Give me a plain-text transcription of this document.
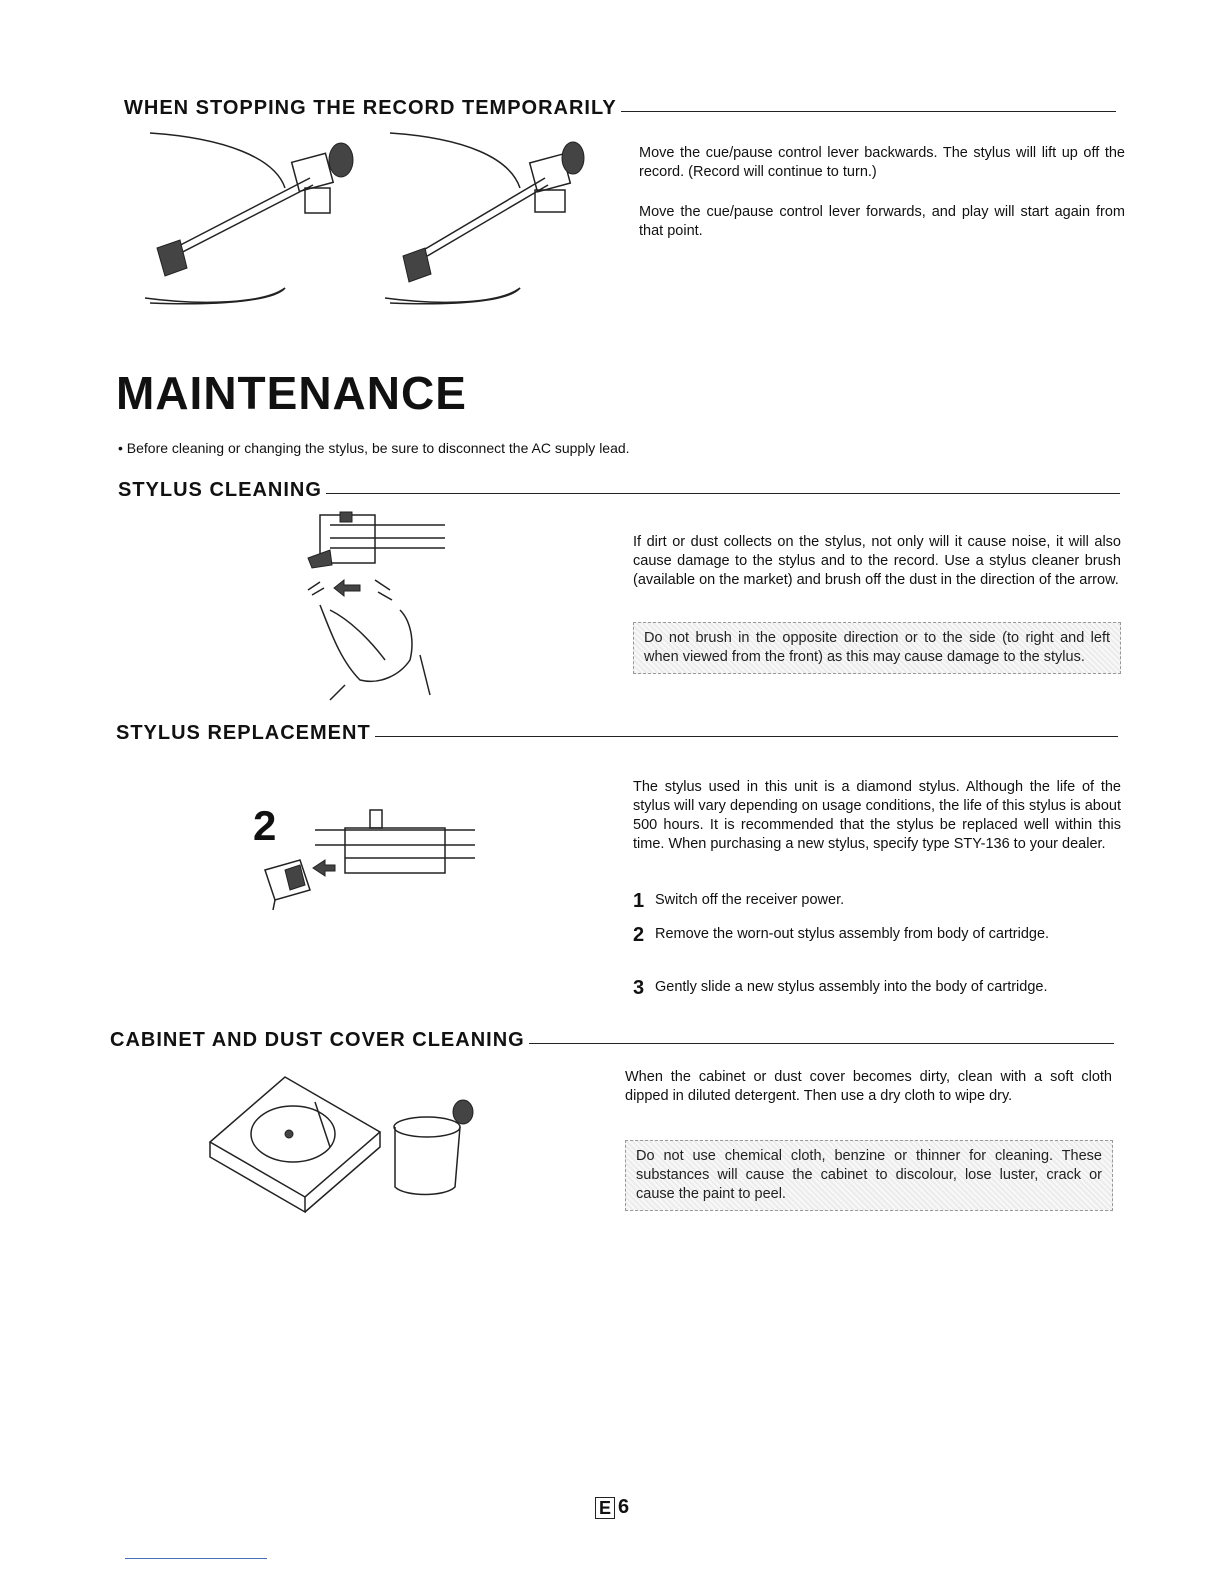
WHEN STOPPING THE RECORD TEMPORARILY

Move the cue/pause control lever backwards. The stylus will lift up off the record. (Record will continue to turn.)

Move the cue/pause control lever forwards, and play will start again from that point.

MAINTENANCE
• Before cleaning or changing the stylus, be sure to disconnect the AC supply lead.
STYLUS CLEANING

If dirt or dust collects on the stylus, not only will it cause noise, it will also cause damage to the stylus and to the record. Use a stylus cleaner brush (available on the market) and brush off the dust in the direction of the arrow.

Do not brush in the opposite direction or to the side (to right and left when viewed from the front) as this may cause damage to the stylus.
STYLUS REPLACEMENT
2

The stylus used in this unit is a diamond stylus. Although the life of the stylus will vary depending on usage conditions, the life of this stylus is about 500 hours. It is recommended that the stylus be replaced well within this time. When purchasing a new stylus, specify type STY-136 to your dealer.

1 Switch off the receiver power.
2 Remove the worn-out stylus assembly from body of cartridge.
3 Gently slide a new stylus assembly into the body of cartridge.
CABINET AND DUST COVER CLEANING

When the cabinet or dust cover becomes dirty, clean with a soft cloth dipped in diluted detergent. Then use a dry cloth to wipe dry.

Do not use chemical cloth, benzine or thinner for cleaning. These substances will cause the cabinet to discolour, lose luster, crack or cause the paint to peel.
E 6
